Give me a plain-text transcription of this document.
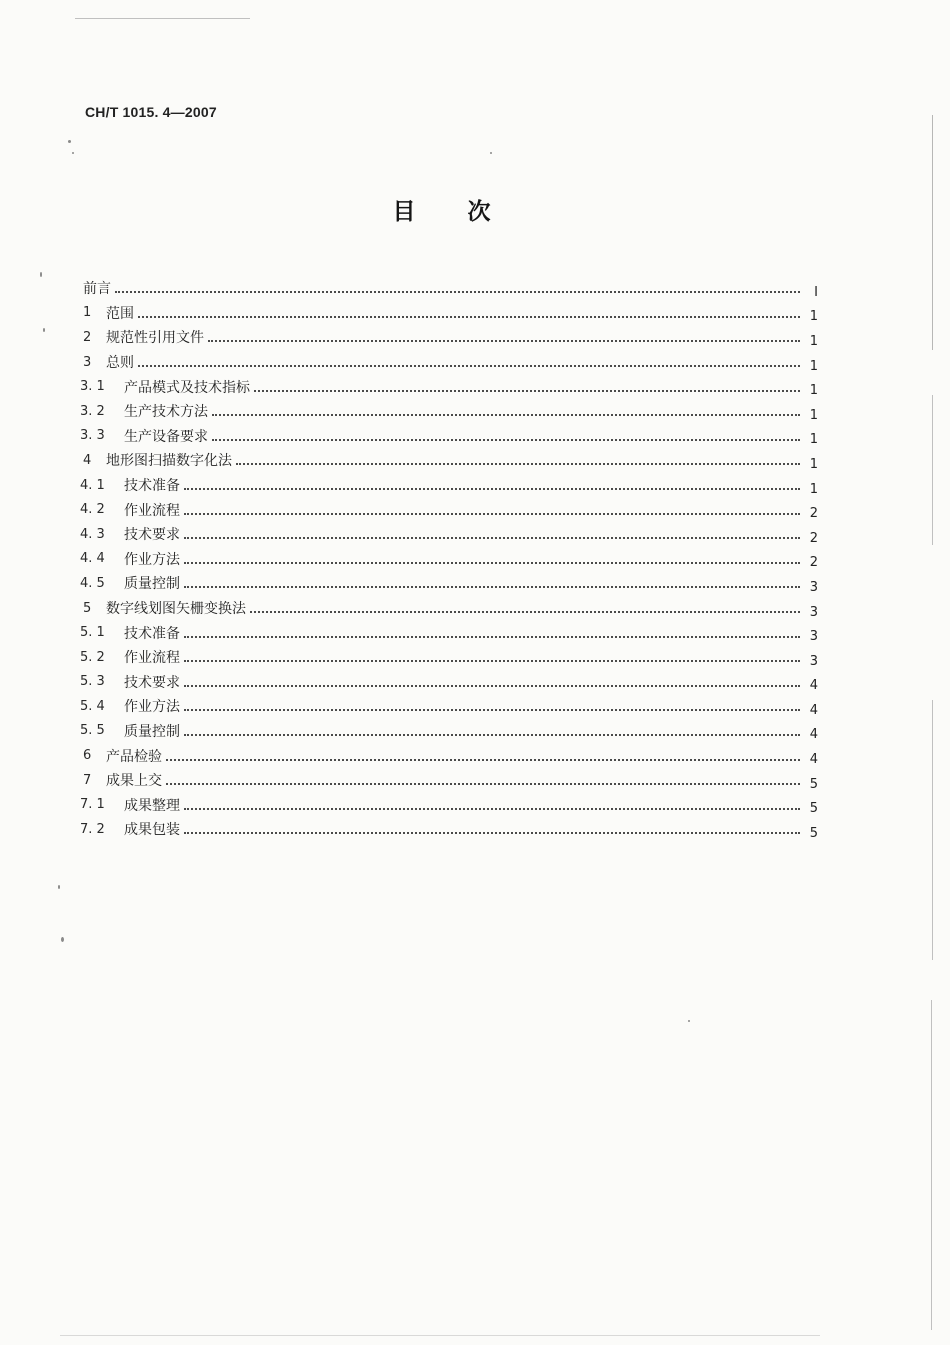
CH/T 1015. 4—2007
目 次
前言	I
1	范围	1
2	规范性引用文件	1
3	总则	1
3. 1	产品模式及技术指标	1
3. 2	生产技术方法	1
3. 3	生产设备要求	1
4	地形图扫描数字化法	1
4. 1	技术准备	1
4. 2	作业流程	2
4. 3	技术要求	2
4. 4	作业方法	2
4. 5	质量控制	3
5	数字线划图矢栅变换法	3
5. 1	技术准备	3
5. 2	作业流程	3
5. 3	技术要求	4
5. 4	作业方法	4
5. 5	质量控制	4
6	产品检验	4
7	成果上交	5
7. 1	成果整理	5
7. 2	成果包装	5
